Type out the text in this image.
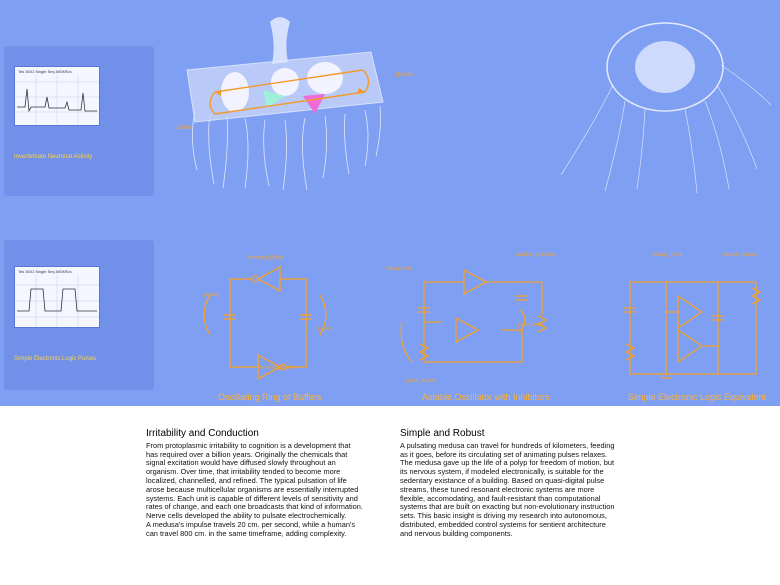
Tek 3001 Single Seq 500MS/s
Invertebrate Neuronal Activity
Tek 3001 Single Seq 500MS/s
Simple Electronic Logic Pulses
pulses
pulses
Inverting_Buffer
Inverting_Buffer
pulses
pulses
Oscillating Ring of Buffers
variable_inhibition
voltage rate
pulse width
pulse_Sensor
Astable Oscillator with Inhibitors
voltage_Feed	variable_Sensor
Simple Electronic Logic Equivalent
Irritability and Conduction

From protoplasmic irritability to cognition is a development that

has required over a billion years. Originally the chemicals that

signal excitation would have diffused slowly throughout an

organism. Over time, that irritability tended to become more

localized, channelled, and refined. The typical pulsation of life

arose because multicellular organisms are essentially interrupted

systems. Each unit is capable of different levels of sensitivity and

rates of change, and each one broadcasts that kind of information.

Nerve cells developed the ability to pulsate electrochemically.

A medusa's impulse travels 20 cm. per second, while a human's

can travel 800 cm. in the same timeframe, adding complexity.

Simple and Robust

A pulsating medusa can travel for hundreds of kilometers, feeding

as it goes, before its circulating set of animating pulses relaxes.

The medusa gave up the life of a polyp for freedom of motion, but

its nervous system, if modeled electronically, is suitable for the

sedentary existance of a building. Based on quasi-digital pulse

streams, these tuned resonant electronic systems are more

flexible, accomodating, and fault-resistant than computational

systems that are built on exacting but non-evolutionary instruction

sets. This basic insight is driving my research into autonomous,

distributed, embedded control systems for sentient architecture

and nervous building components.
